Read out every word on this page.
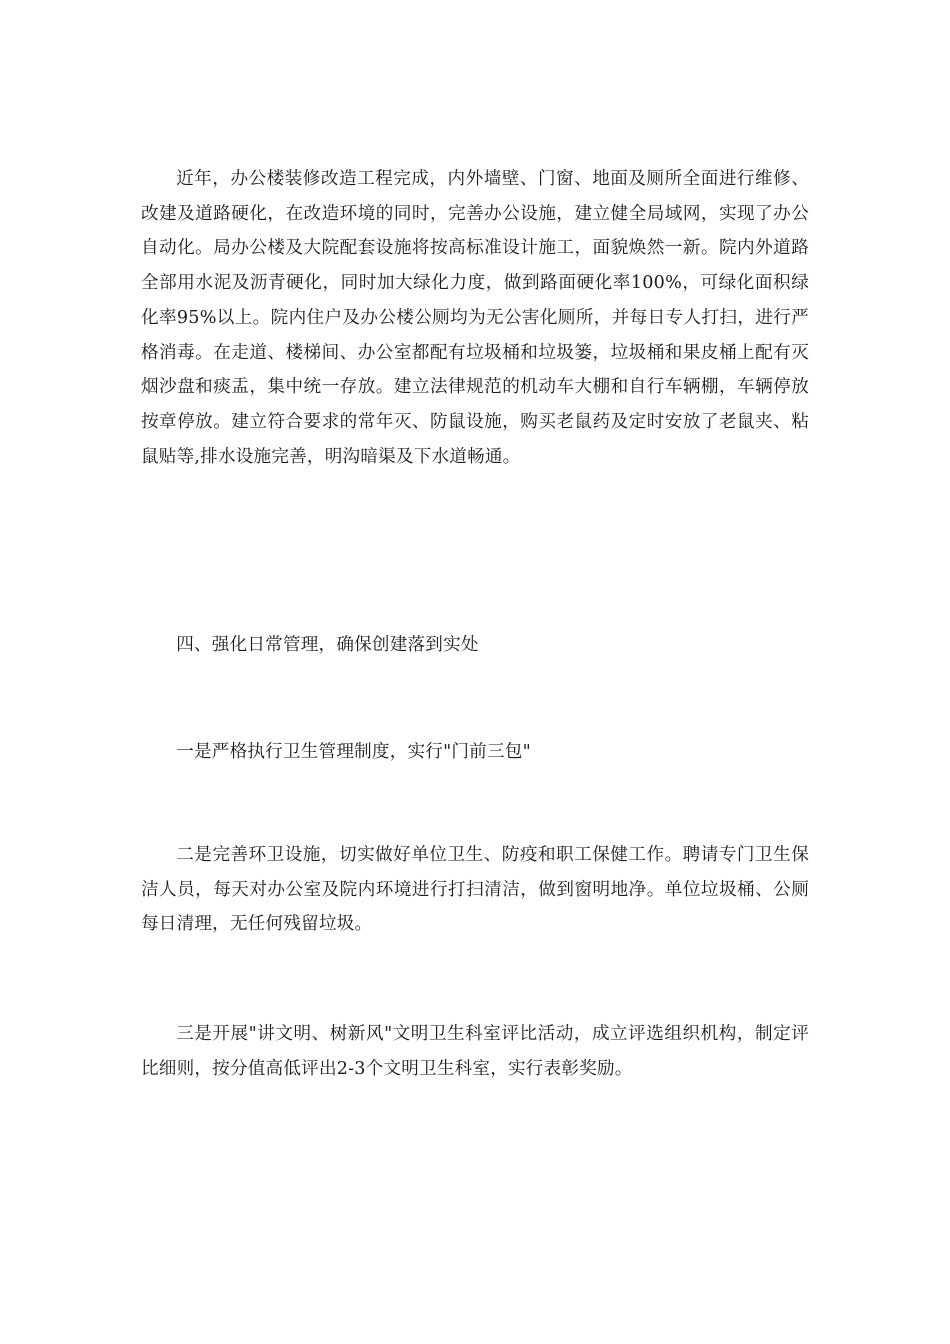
近年，办公楼装修改造工程完成，内外墙壁、门窗、地面及厕所全面进行维修、改建及道路硬化，在改造环境的同时，完善办公设施，建立健全局域网，实现了办公自动化。局办公楼及大院配套设施将按高标准设计施工，面貌焕然一新。院内外道路全部用水泥及沥青硬化，同时加大绿化力度，做到路面硬化率100%，可绿化面积绿化率95%以上。院内住户及办公楼公厕均为无公害化厕所，并每日专人打扫，进行严格消毒。在走道、楼梯间、办公室都配有垃圾桶和垃圾篓，垃圾桶和果皮桶上配有灭烟沙盘和痰盂，集中统一存放。建立法律规范的机动车大棚和自行车辆棚，车辆停放按章停放。建立符合要求的常年灭、防鼠设施，购买老鼠药及定时安放了老鼠夹、粘鼠贴等,排水设施完善，明沟暗渠及下水道畅通。

四、强化日常管理，确保创建落到实处

一是严格执行卫生管理制度，实行"门前三包"

二是完善环卫设施，切实做好单位卫生、防疫和职工保健工作。聘请专门卫生保洁人员，每天对办公室及院内环境进行打扫清洁，做到窗明地净。单位垃圾桶、公厕每日清理，无任何残留垃圾。

三是开展"讲文明、树新风"文明卫生科室评比活动，成立评选组织机构，制定评比细则，按分值高低评出2-3个文明卫生科室，实行表彰奖励。
